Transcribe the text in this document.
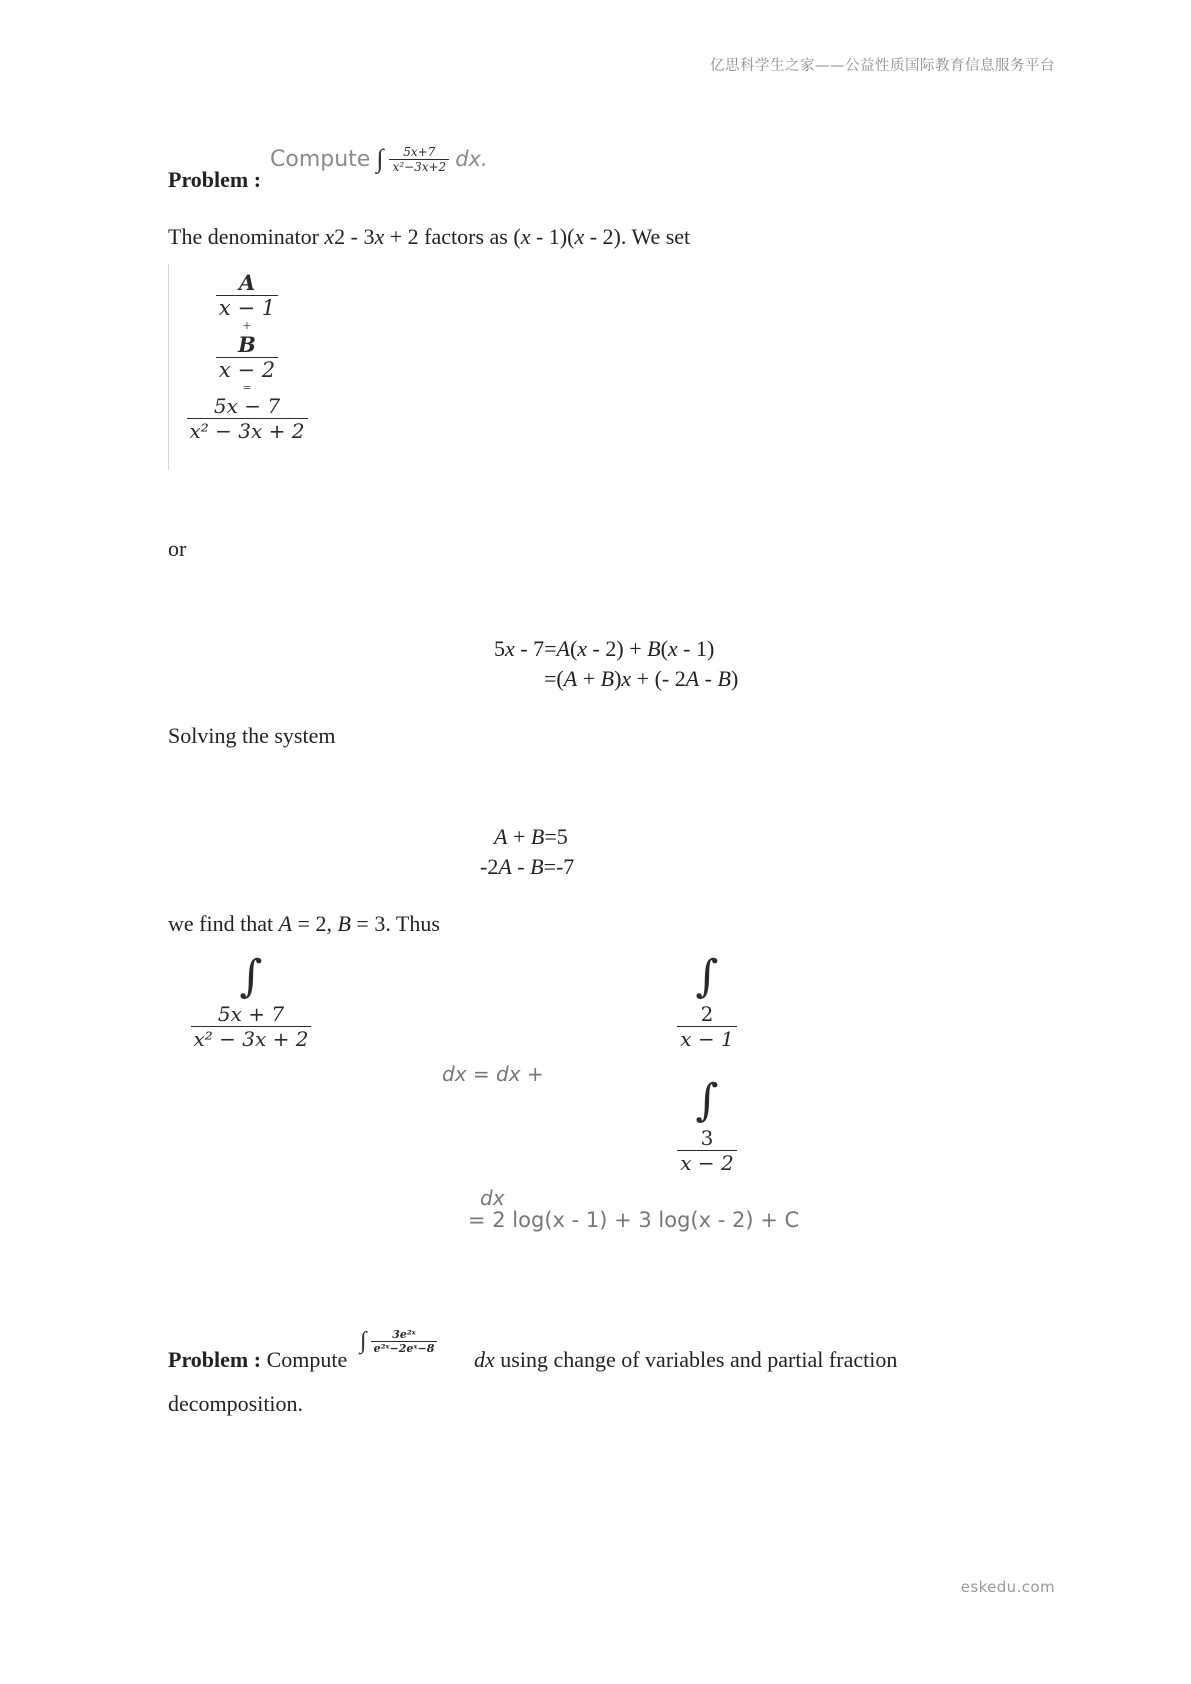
亿思科学生之家——公益性质国际教育信息服务平台
Problem :
Compute ∫ $\frac{5x+7}{\text{x²−3x+2}}$ dx.
The denominator x2 - 3x + 2 factors as (x - 1)(x - 2). We set
$\frac{A}{x - 1}$
+
$\frac{B}{x - 2}$
=
$\frac{5x - 7}{\text{x² − 3x + 2}}$
or
5x - 7=A(x - 2) + B(x - 1)
=(A + B)x + (- 2A - B)
Solving the system
A + B=5
-2A - B=-7
we find that A = 2, B = 3. Thus
∫
$\frac{5x + 7}{\text{x² − 3x + 2}}$
dx = dx +
∫
$\frac{2}{x - 1}$
∫
$\frac{3}{x - 2}$
dx
= 2 log(x - 1) + 3 log(x - 2) + C
Problem : Compute
∫ $\frac{\text{3e²ˣ}}{\text{e²ˣ−2eˣ−8}}$
dx using change of variables and partial fraction
decomposition.
eskedu.com
